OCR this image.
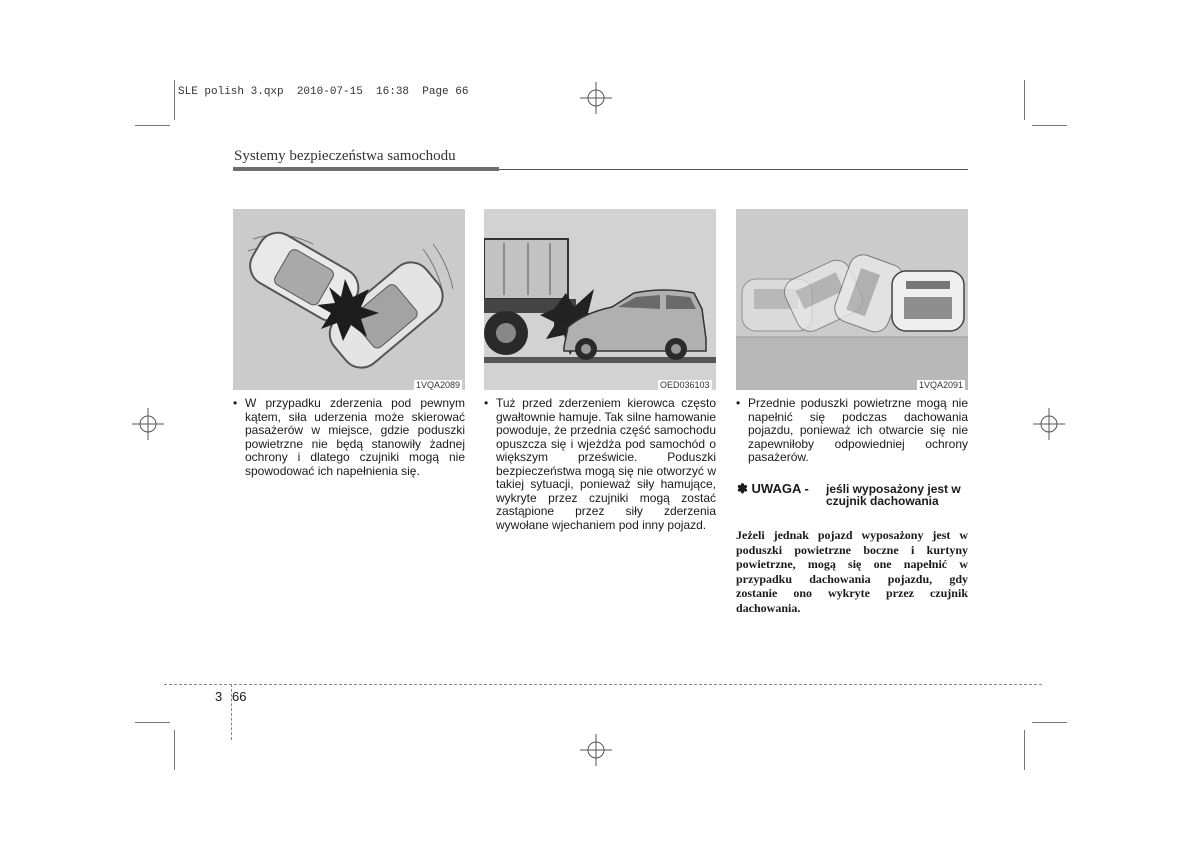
SLE polish 3.qxp  2010-07-15  16:38  Page 66
Systemy bezpieczeństwa samochodu
1VQA2089	OED036103	1VQA2091
• W przypadku zderzenia pod pewnym kątem, siła uderzenia może skierować pasażerów w miejsce, gdzie poduszki powietrzne nie będą stanowiły żadnej ochrony i dlatego czujniki mogą nie spowodować ich napełnienia się.
• Tuż przed zderzeniem kierowca często gwałtownie hamuje. Tak silne hamowanie powoduje, że przednia część samochodu opuszcza się i wjeżdża pod samochód o większym prześwicie. Poduszki bezpieczeństwa mogą się nie otworzyć w takiej sytuacji, ponieważ siły hamujące, wykryte przez czujniki mogą zostać zastąpione przez siły zderzenia wywołane wjechaniem pod inny pojazd.
• Przednie poduszki powietrzne mogą nie napełnić się podczas dachowania pojazdu, ponieważ ich otwarcie się nie zapewniłoby odpowiedniej ochrony pasażerów.
✽ UWAGA - jeśli wyposażony jest w czujnik dachowania
Jeżeli jednak pojazd wyposażony jest w poduszki powietrzne boczne i kurtyny powietrzne, mogą się one napełnić w przypadku dachowania pojazdu, gdy zostanie ono wykryte przez czujnik dachowania.
3 66
